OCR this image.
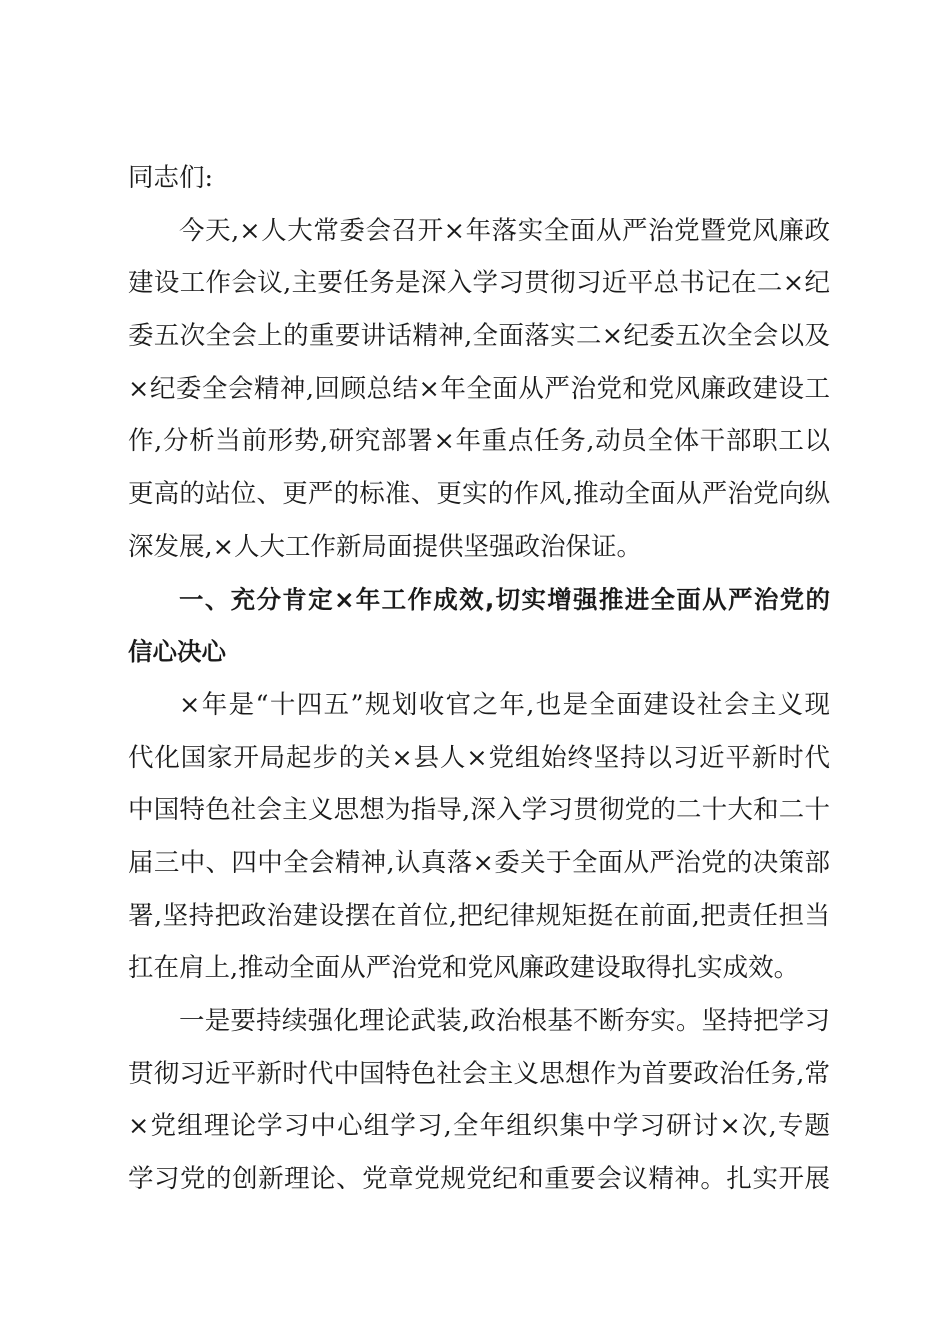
同志们:
今天,×人大常委会召开×年落实全面从严治党暨党风廉政
建设工作会议,主要任务是深入学习贯彻习近平总书记在二×纪
委五次全会上的重要讲话精神,全面落实二×纪委五次全会以及
×纪委全会精神,回顾总结×年全面从严治党和党风廉政建设工
作,分析当前形势,研究部署×年重点任务,动员全体干部职工以
更高的站位、更严的标准、更实的作风,推动全面从严治党向纵
深发展,×人大工作新局面提供坚强政治保证。
一、充分肯定×年工作成效,切实增强推进全面从严治党的
信心决心
×年是“十四五”规划收官之年,也是全面建设社会主义现
代化国家开局起步的关×县人×党组始终坚持以习近平新时代
中国特色社会主义思想为指导,深入学习贯彻党的二十大和二十
届三中、四中全会精神,认真落×委关于全面从严治党的决策部
署,坚持把政治建设摆在首位,把纪律规矩挺在前面,把责任担当
扛在肩上,推动全面从严治党和党风廉政建设取得扎实成效。
一是要持续强化理论武装,政治根基不断夯实。坚持把学习
贯彻习近平新时代中国特色社会主义思想作为首要政治任务,常
×党组理论学习中心组学习,全年组织集中学习研讨×次,专题
学习党的创新理论、党章党规党纪和重要会议精神。扎实开展
